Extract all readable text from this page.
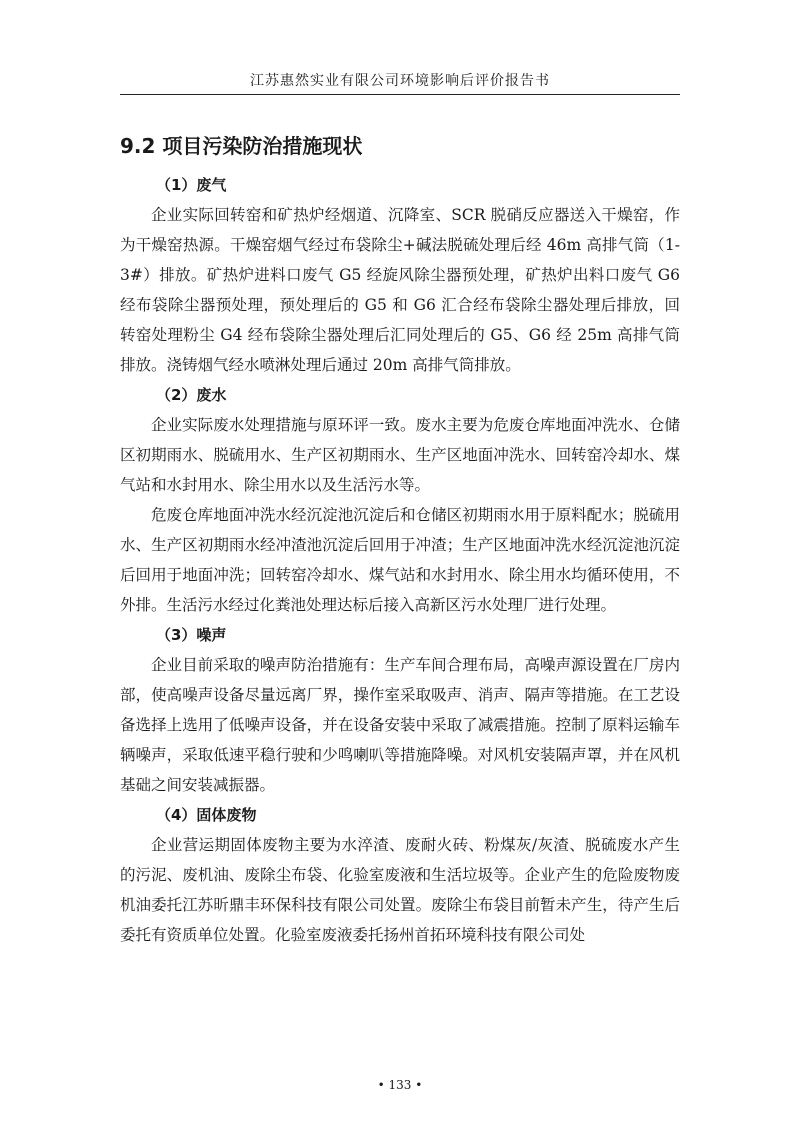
江苏惠然实业有限公司环境影响后评价报告书
9.2 项目污染防治措施现状
（1）废气

企业实际回转窑和矿热炉经烟道、沉降室、SCR 脱硝反应器送入干燥窑，作为干燥窑热源。干燥窑烟气经过布袋除尘+碱法脱硫处理后经 46m 高排气筒（1-3#）排放。矿热炉进料口废气 G5 经旋风除尘器预处理，矿热炉出料口废气 G6 经布袋除尘器预处理，预处理后的 G5 和 G6 汇合经布袋除尘器处理后排放，回转窑处理粉尘 G4 经布袋除尘器处理后汇同处理后的 G5、G6 经 25m 高排气筒排放。浇铸烟气经水喷淋处理后通过 20m 高排气筒排放。

（2）废水

企业实际废水处理措施与原环评一致。废水主要为危废仓库地面冲洗水、仓储区初期雨水、脱硫用水、生产区初期雨水、生产区地面冲洗水、回转窑冷却水、煤气站和水封用水、除尘用水以及生活污水等。

危废仓库地面冲洗水经沉淀池沉淀后和仓储区初期雨水用于原料配水；脱硫用水、生产区初期雨水经冲渣池沉淀后回用于冲渣；生产区地面冲洗水经沉淀池沉淀后回用于地面冲洗；回转窑冷却水、煤气站和水封用水、除尘用水均循环使用，不外排。生活污水经过化粪池处理达标后接入高新区污水处理厂进行处理。

（3）噪声

企业目前采取的噪声防治措施有：生产车间合理布局，高噪声源设置在厂房内部，使高噪声设备尽量远离厂界，操作室采取吸声、消声、隔声等措施。在工艺设备选择上选用了低噪声设备，并在设备安装中采取了减震措施。控制了原料运输车辆噪声，采取低速平稳行驶和少鸣喇叭等措施降噪。对风机安装隔声罩，并在风机基础之间安装减振器。

（4）固体废物

企业营运期固体废物主要为水淬渣、废耐火砖、粉煤灰/灰渣、脱硫废水产生的污泥、废机油、废除尘布袋、化验室废液和生活垃圾等。企业产生的危险废物废机油委托江苏昕鼎丰环保科技有限公司处置。废除尘布袋目前暂未产生，待产生后委托有资质单位处置。化验室废液委托扬州首拓环境科技有限公司处

• 133 •
